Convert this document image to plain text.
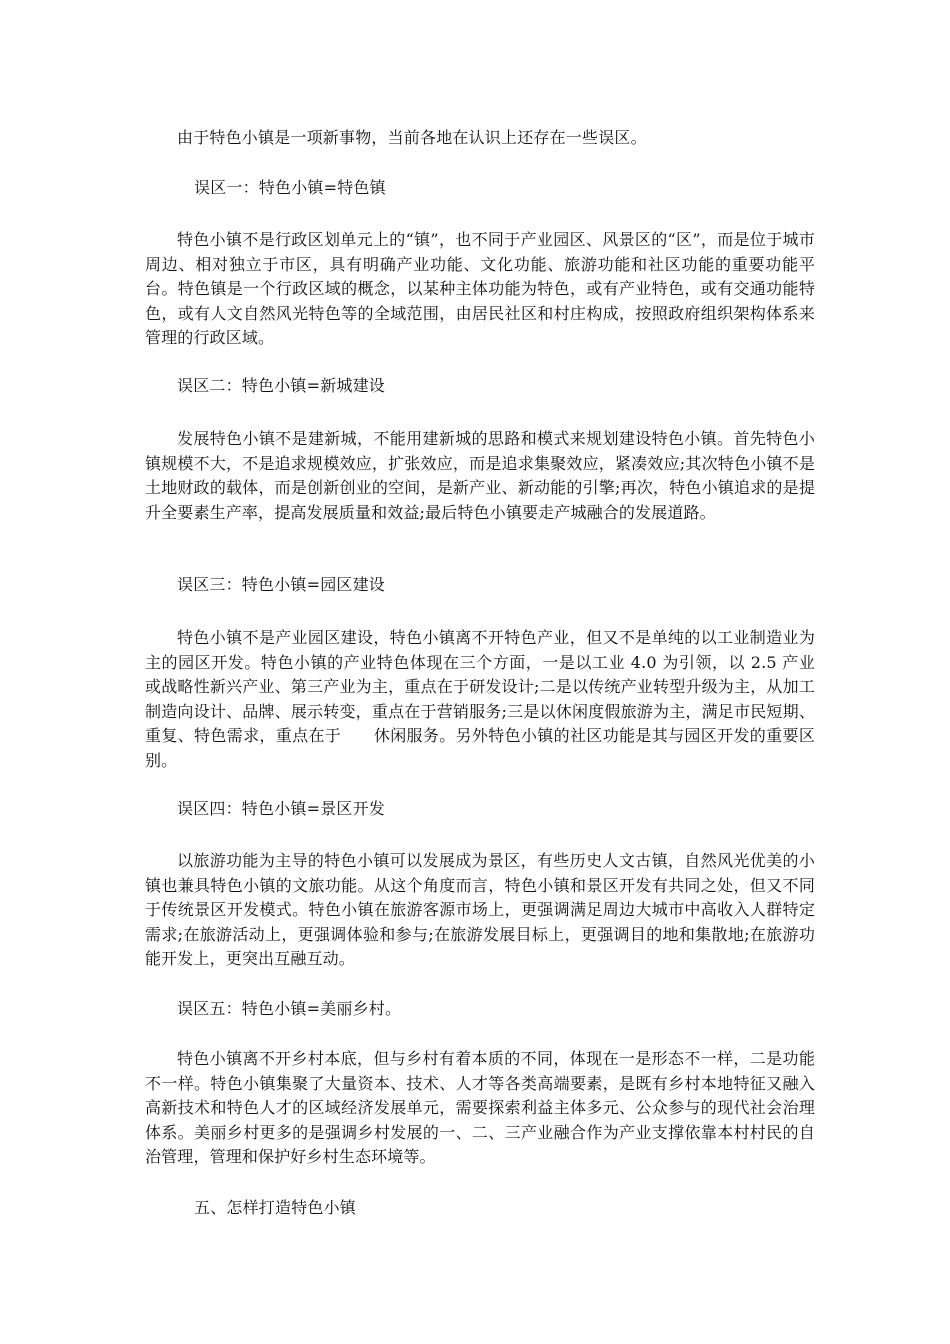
由于特色小镇是一项新事物，当前各地在认识上还存在一些误区。
误区一：特色小镇=特色镇
特色小镇不是行政区划单元上的“镇”，也不同于产业园区、风景区的“区”，而是位于城市周边、相对独立于市区，具有明确产业功能、文化功能、旅游功能和社区功能的重要功能平台。特色镇是一个行政区域的概念，以某种主体功能为特色，或有产业特色，或有交通功能特色，或有人文自然风光特色等的全域范围，由居民社区和村庄构成，按照政府组织架构体系来管理的行政区域。
误区二：特色小镇=新城建设
发展特色小镇不是建新城，不能用建新城的思路和模式来规划建设特色小镇。首先特色小镇规模不大，不是追求规模效应，扩张效应，而是追求集聚效应，紧凑效应;其次特色小镇不是土地财政的载体，而是创新创业的空间，是新产业、新动能的引擎;再次，特色小镇追求的是提升全要素生产率，提高发展质量和效益;最后特色小镇要走产城融合的发展道路。
误区三：特色小镇=园区建设
特色小镇不是产业园区建设，特色小镇离不开特色产业，但又不是单纯的以工业制造业为主的园区开发。特色小镇的产业特色体现在三个方面，一是以工业 4.0 为引领，以 2.5 产业或战略性新兴产业、第三产业为主，重点在于研发设计;二是以传统产业转型升级为主，从加工制造向设计、品牌、展示转变，重点在于营销服务;三是以休闲度假旅游为主，满足市民短期、重复、特色需求，重点在于　　休闲服务。另外特色小镇的社区功能是其与园区开发的重要区别。
误区四：特色小镇=景区开发
以旅游功能为主导的特色小镇可以发展成为景区，有些历史人文古镇，自然风光优美的小镇也兼具特色小镇的文旅功能。从这个角度而言，特色小镇和景区开发有共同之处，但又不同于传统景区开发模式。特色小镇在旅游客源市场上，更强调满足周边大城市中高收入人群特定需求;在旅游活动上，更强调体验和参与;在旅游发展目标上，更强调目的地和集散地;在旅游功能开发上，更突出互融互动。
误区五：特色小镇=美丽乡村。
特色小镇离不开乡村本底，但与乡村有着本质的不同，体现在一是形态不一样，二是功能不一样。特色小镇集聚了大量资本、技术、人才等各类高端要素，是既有乡村本地特征又融入高新技术和特色人才的区域经济发展单元，需要探索利益主体多元、公众参与的现代社会治理体系。美丽乡村更多的是强调乡村发展的一、二、三产业融合作为产业支撑依靠本村村民的自治管理，管理和保护好乡村生态环境等。
五、怎样打造特色小镇
